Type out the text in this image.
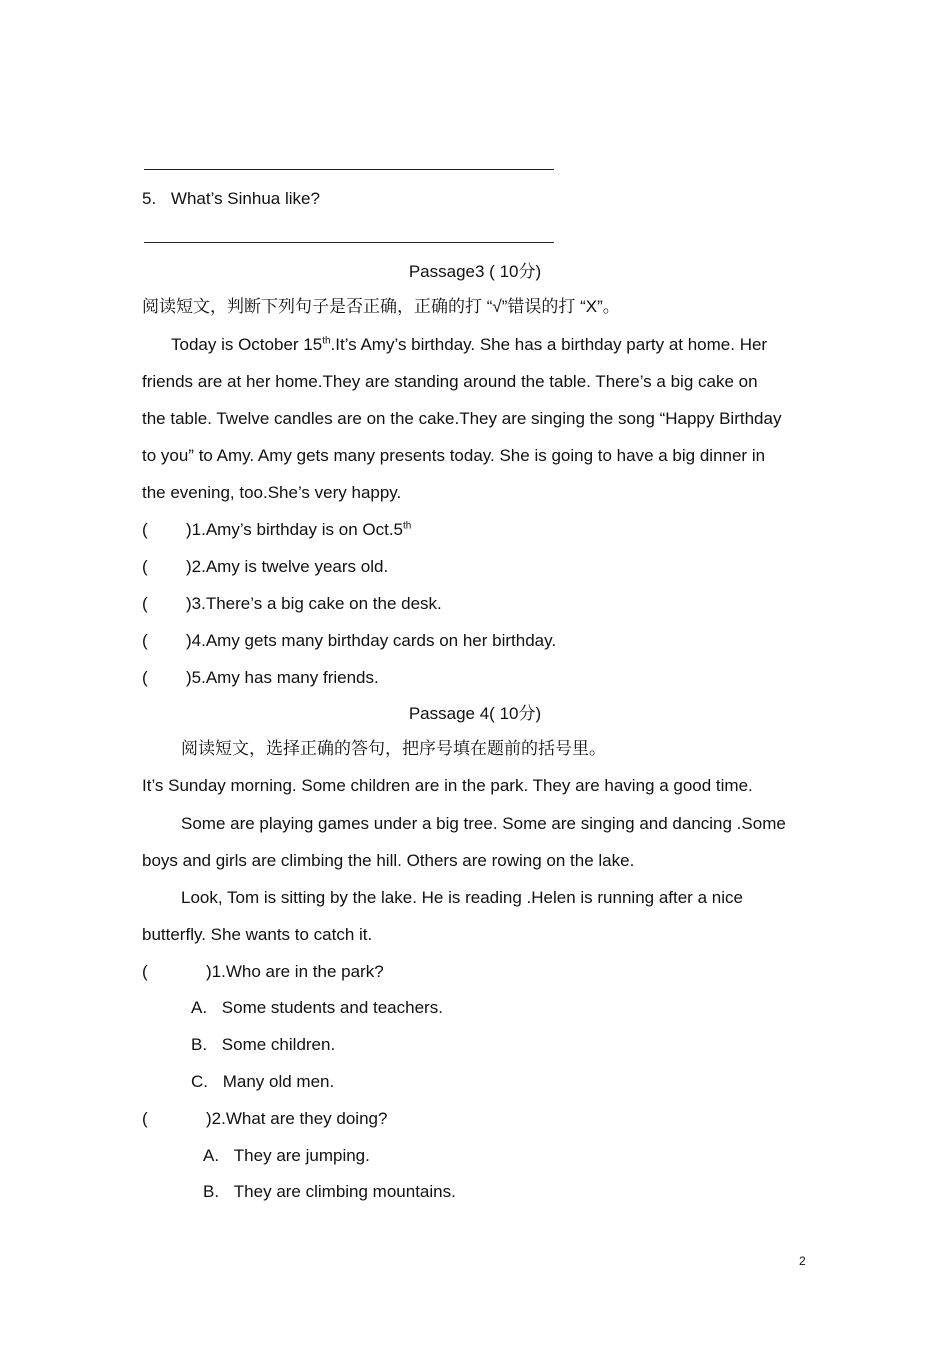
5. What’s Sinhua like?
Passage3 ( 10分)
阅读短文，判断下列句子是否正确，正确的打 “√”错误的打 “X”。
Today is October 15th.It’s Amy’s birthday. She has a birthday party at home. Her
friends are at her home.They are standing around the table. There’s a big cake on
the table. Twelve candles are on the cake.They are singing the song “Happy Birthday
to you” to Amy. Amy gets many presents today. She is going to have a big dinner in
the evening, too.She’s very happy.
( )1.Amy’s birthday is on Oct.5th
( )2.Amy is twelve years old.
( )3.There’s a big cake on the desk.
( )4.Amy gets many birthday cards on her birthday.
( )5.Amy has many friends.
Passage 4( 10分)
阅读短文，选择正确的答句，把序号填在题前的括号里。
It’s Sunday morning. Some children are in the park. They are having a good time.
Some are playing games under a big tree. Some are singing and dancing .Some
boys and girls are climbing the hill. Others are rowing on the lake.
Look, Tom is sitting by the lake. He is reading .Helen is running after a nice
butterfly. She wants to catch it.
(	)1.Who are in the park?
A. Some students and teachers.
B. Some children.
C. Many old men.
(	)2.What are they doing?
A. They are jumping.
B. They are climbing mountains.
2
